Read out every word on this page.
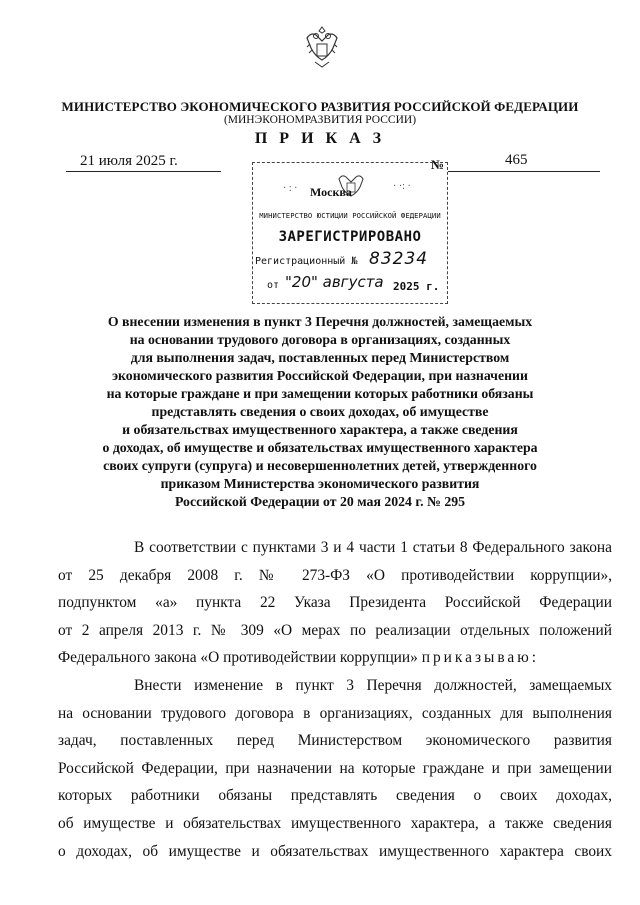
МИНИСТЕРСТВО ЭКОНОМИЧЕСКОГО РАЗВИТИЯ РОССИЙСКОЙ ФЕДЕРАЦИИ
(МИНЭКОНОМРАЗВИТИЯ РОССИИ)
П Р И К А З
21 июля 2025 г.	№	465
· : ·	· ·: ·
Москва
МИНИСТЕРСТВО ЮСТИЦИИ РОССИЙСКОЙ ФЕДЕРАЦИИ
ЗАРЕГИСТРИРОВАНО
Регистрационный № 83234
от "20" августа 2025 г.
О внесении изменения в пункт 3 Перечня должностей, замещаемых
на основании трудового договора в организациях, созданных
для выполнения задач, поставленных перед Министерством
экономического развития Российской Федерации, при назначении
на которые граждане и при замещении которых работники обязаны
представлять сведения о своих доходах, об имуществе
и обязательствах имущественного характера, а также сведения
о доходах, об имуществе и обязательствах имущественного характера
своих супруги (супруга) и несовершеннолетних детей, утвержденного
приказом Министерства экономического развития
Российской Федерации от 20 мая 2024 г. № 295
В соответствии с пунктами 3 и 4 части 1 статьи 8 Федерального закона
от 25 декабря 2008 г. № 273-ФЗ «О противодействии коррупции»,
подпунктом «а» пункта 22 Указа Президента Российской Федерации
от 2 апреля 2013 г. № 309 «О мерах по реализации отдельных положений
Федерального закона «О противодействии коррупции» приказываю:
Внести изменение в пункт 3 Перечня должностей, замещаемых
на основании трудового договора в организациях, созданных для выполнения
задач, поставленных перед Министерством экономического развития
Российской Федерации, при назначении на которые граждане и при замещении
которых работники обязаны представлять сведения о своих доходах,
об имуществе и обязательствах имущественного характера, а также сведения
о доходах, об имуществе и обязательствах имущественного характера своих
